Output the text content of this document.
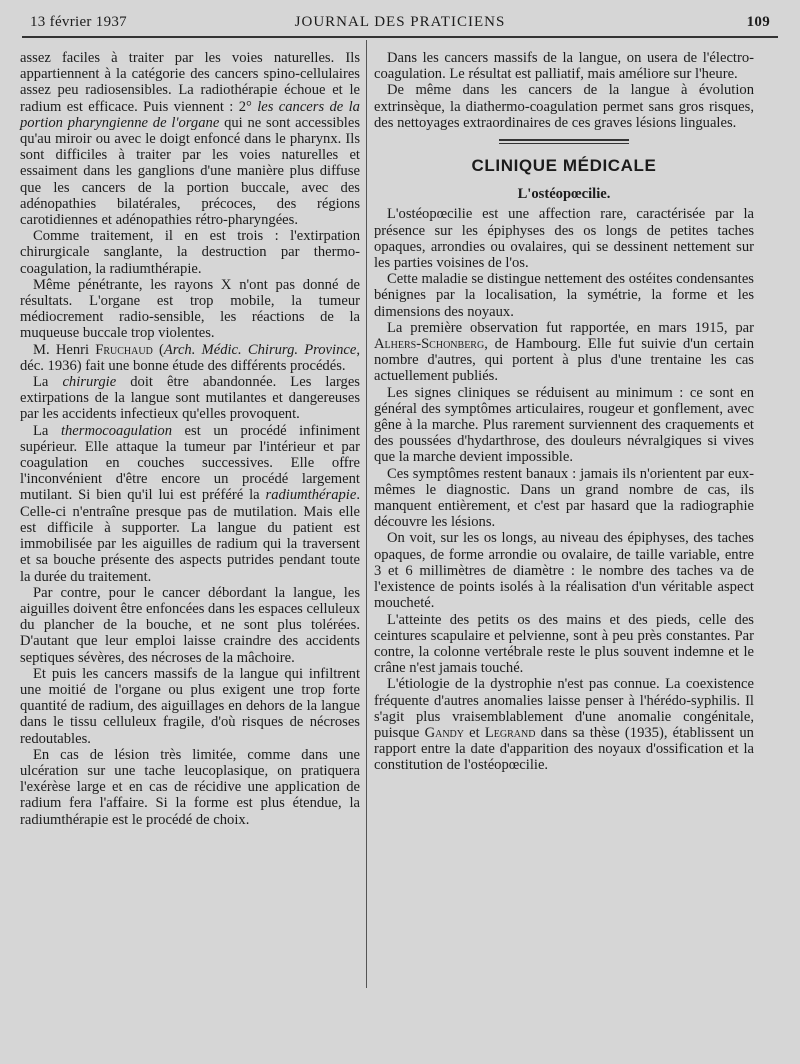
13 février 1937	JOURNAL DES PRATICIENS	109

assez faciles à traiter par les voies naturelles. Ils appartiennent à la catégorie des cancers spino-cellulaires assez peu radiosensibles. La radiothérapie échoue et le radium est efficace. Puis viennent : 2° les cancers de la portion pharyngienne de l'organe qui ne sont accessibles qu'au miroir ou avec le doigt enfoncé dans le pharynx. Ils sont difficiles à traiter par les voies naturelles et essaiment dans les ganglions d'une manière plus diffuse que les cancers de la portion buccale, avec des adénopathies bilatérales, précoces, des régions carotidiennes et adénopathies rétro-pharyngées.

Comme traitement, il en est trois : l'extirpation chirurgicale sanglante, la destruction par thermo-coagulation, la radiumthérapie.

Même pénétrante, les rayons X n'ont pas donné de résultats. L'organe est trop mobile, la tumeur médiocrement radio-sensible, les réactions de la muqueuse buccale trop violentes.

M. Henri Fruchaud (Arch. Médic. Chirurg. Province, déc. 1936) fait une bonne étude des différents procédés.

La chirurgie doit être abandonnée. Les larges extirpations de la langue sont mutilantes et dangereuses par les accidents infectieux qu'elles provoquent.

La thermocoagulation est un procédé infiniment supérieur. Elle attaque la tumeur par l'intérieur et par coagulation en couches successives. Elle offre l'inconvénient d'être encore un procédé largement mutilant. Si bien qu'il lui est préféré la radiumthérapie. Celle-ci n'entraîne presque pas de mutilation. Mais elle est difficile à supporter. La langue du patient est immobilisée par les aiguilles de radium qui la traversent et sa bouche présente des aspects putrides pendant toute la durée du traitement.

Par contre, pour le cancer débordant la langue, les aiguilles doivent être enfoncées dans les espaces celluleux du plancher de la bouche, et ne sont plus tolérées. D'autant que leur emploi laisse craindre des accidents septiques sévères, des nécroses de la mâchoire.

Et puis les cancers massifs de la langue qui infiltrent une moitié de l'organe ou plus exigent une trop forte quantité de radium, des aiguillages en dehors de la langue dans le tissu celluleux fragile, d'où risques de nécroses redoutables.

En cas de lésion très limitée, comme dans une ulcération sur une tache leucoplasique, on pratiquera l'exérèse large et en cas de récidive une application de radium fera l'affaire. Si la forme est plus étendue, la radiumthérapie est le procédé de choix.

Dans les cancers massifs de la langue, on usera de l'électro-coagulation. Le résultat est palliatif, mais améliore sur l'heure.

De même dans les cancers de la langue à évolution extrinsèque, la diathermo-coagulation permet sans gros risques, des nettoyages extraordinaires de ces graves lésions linguales.

CLINIQUE MÉDICALE
L'ostéopœcilie.

L'ostéopœcilie est une affection rare, caractérisée par la présence sur les épiphyses des os longs de petites taches opaques, arrondies ou ovalaires, qui se dessinent nettement sur les parties voisines de l'os.

Cette maladie se distingue nettement des ostéites condensantes bénignes par la localisation, la symétrie, la forme et les dimensions des noyaux.

La première observation fut rapportée, en mars 1915, par Alhers-Schonberg, de Hambourg. Elle fut suivie d'un certain nombre d'autres, qui portent à plus d'une trentaine les cas actuellement publiés.

Les signes cliniques se réduisent au minimum : ce sont en général des symptômes articulaires, rougeur et gonflement, avec gêne à la marche. Plus rarement surviennent des craquements et des poussées d'hydarthrose, des douleurs névralgiques si vives que la marche devient impossible.

Ces symptômes restent banaux : jamais ils n'orientent par eux-mêmes le diagnostic. Dans un grand nombre de cas, ils manquent entièrement, et c'est par hasard que la radiographie découvre les lésions.

On voit, sur les os longs, au niveau des épiphyses, des taches opaques, de forme arrondie ou ovalaire, de taille variable, entre 3 et 6 millimètres de diamètre : le nombre des taches va de l'existence de points isolés à la réalisation d'un véritable aspect moucheté.

L'atteinte des petits os des mains et des pieds, celle des ceintures scapulaire et pelvienne, sont à peu près constantes. Par contre, la colonne vertébrale reste le plus souvent indemne et le crâne n'est jamais touché.

L'étiologie de la dystrophie n'est pas connue. La coexistence fréquente d'autres anomalies laisse penser à l'hérédo-syphilis. Il s'agit plus vraisemblablement d'une anomalie congénitale, puisque Gandy et Legrand dans sa thèse (1935), établissent un rapport entre la date d'apparition des noyaux d'ossification et la constitution de l'ostéopœcilie.
